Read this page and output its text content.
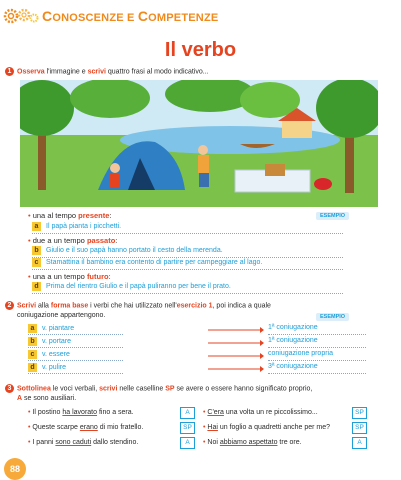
CONOSCENZE E COMPETENZE
Il verbo
1 Osserva l'immagine e scrivi quattro frasi al modo indicativo...
ESEMPIO
• una al tempo presente:
a Il papà pianta i picchetti.
• due a un tempo passato:
b Giulio e il suo papà hanno portato il cesto della merenda.
c Stamattina il bambino era contento di partire per campeggiare al lago.
• una a un tempo futuro:
d Prima del rientro Giulio e il papà puliranno per bene il prato.
2 Scrivi alla forma base i verbi che hai utilizzato nell'esercizio 1, poi indica a quale
coniugazione appartengono.	ESEMPIO
a v. piantare	1ª coniugazione
b v. portare	1ª coniugazione
c v. essere	coniugazione propria
d v. pulire	3ª coniugazione
3 Sottolinea le voci verbali, scrivi nelle caselline SP se avere o essere hanno significato proprio,
A se sono ausiliari.
• Il postino ha lavorato fino a sera.	A
• Queste scarpe erano di mio fratello.	SP
• I panni sono caduti dallo stendino.	A
• C'era una volta un re piccolissimo...	SP
• Hai un foglio a quadretti anche per me?	SP
• Noi abbiamo aspettato tre ore.	A
88
